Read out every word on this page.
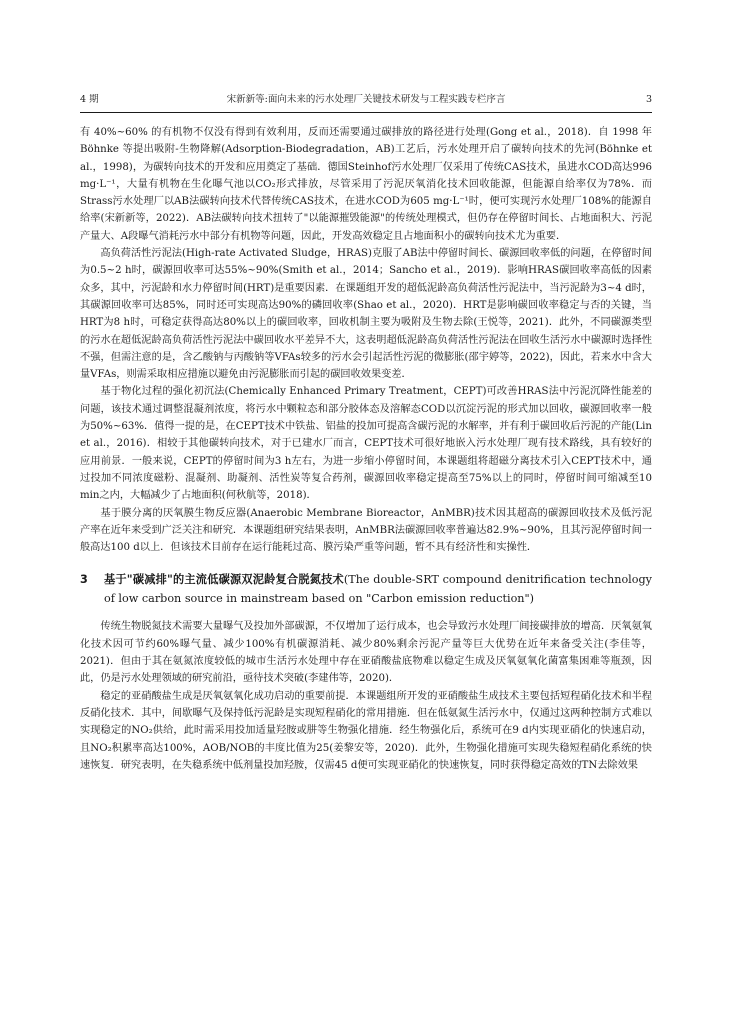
4 期	宋新新等:面向未来的污水处理厂关键技术研发与工程实践专栏序言	3

有 40%~60% 的有机物不仅没有得到有效利用，反而还需要通过碳排放的路径进行处理(Gong et al.，2018)．自 1998 年 Böhnke 等提出吸附-生物降解(Adsorption-Biodegradation，AB)工艺后，污水处理开启了碳转向技术的先河(Böhnke et al.，1998)，为碳转向技术的开发和应用奠定了基础．德国Steinhof污水处理厂仅采用了传统CAS技术，虽进水COD高达996 mg·L⁻¹，大量有机物在生化曝气池以CO₂形式排放，尽管采用了污泥厌氧消化技术回收能源，但能源自给率仅为78%．而Strass污水处理厂以AB法碳转向技术代替传统CAS技术，在进水COD为605 mg·L⁻¹时，便可实现污水处理厂108%的能源自给率(宋新新等，2022)．AB法碳转向技术扭转了"以能源摧毁能源"的传统处理模式，但仍存在停留时间长、占地面积大、污泥产量大、A段曝气消耗污水中部分有机物等问题，因此，开发高效稳定且占地面积小的碳转向技术尤为重要．

高负荷活性污泥法(High-rate Activated Sludge，HRAS)克服了AB法中停留时间长、碳源回收率低的问题，在停留时间为0.5~2 h时，碳源回收率可达55%~90%(Smith et al.，2014；Sancho et al.，2019)．影响HRAS碳回收率高低的因素众多，其中，污泥龄和水力停留时间(HRT)是重要因素．在课题组开发的超低泥龄高负荷活性污泥法中，当污泥龄为3~4 d时，其碳源回收率可达85%，同时还可实现高达90%的磷回收率(Shao et al.，2020)．HRT是影响碳回收率稳定与否的关键，当HRT为8 h时，可稳定获得高达80%以上的碳回收率，回收机制主要为吸附及生物去除(王悦等，2021)．此外，不同碳源类型的污水在超低泥龄高负荷活性污泥法中碳回收水平差异不大，这表明超低泥龄高负荷活性污泥法在回收生活污水中碳源时选择性不强，但需注意的是，含乙酸钠与丙酸钠等VFAs较多的污水会引起活性污泥的微膨胀(邵宇婷等，2022)，因此，若来水中含大量VFAs，则需采取相应措施以避免由污泥膨胀而引起的碳回收效果变差．

基于物化过程的强化初沉法(Chemically Enhanced Primary Treatment，CEPT)可改善HRAS法中污泥沉降性能差的问题，该技术通过调整混凝剂浓度，将污水中颗粒态和部分胶体态及溶解态COD以沉淀污泥的形式加以回收，碳源回收率一般为50%~63%．值得一提的是，在CEPT技术中铁盐、铝盐的投加可提高含碳污泥的水解率，并有利于碳回收后污泥的产能(Lin et al.，2016)．相较于其他碳转向技术，对于已建水厂而言，CEPT技术可很好地嵌入污水处理厂现有技术路线，具有较好的应用前景．一般来说，CEPT的停留时间为3 h左右，为进一步缩小停留时间，本课题组将超磁分离技术引入CEPT技术中，通过投加不同浓度磁粉、混凝剂、助凝剂、活性炭等复合药剂，碳源回收率稳定提高至75%以上的同时，停留时间可缩减至10 min之内，大幅减少了占地面积(何秋航等，2018)．

基于膜分离的厌氧膜生物反应器(Anaerobic Membrane Bioreactor，AnMBR)技术因其超高的碳源回收技术及低污泥产率在近年来受到广泛关注和研究．本课题组研究结果表明，AnMBR法碳源回收率普遍达82.9%~90%，且其污泥停留时间一般高达100 d以上．但该技术目前存在运行能耗过高、膜污染严重等问题，暂不具有经济性和实操性．

3 基于"碳减排"的主流低碳源双泥龄复合脱氮技术(The double-SRT compound denitrification technology of low carbon source in mainstream based on "Carbon emission reduction")

传统生物脱氮技术需要大量曝气及投加外部碳源，不仅增加了运行成本，也会导致污水处理厂间接碳排放的增高．厌氧氨氧化技术因可节约60%曝气量、减少100%有机碳源消耗、减少80%剩余污泥产量等巨大优势在近年来备受关注(李佳等，2021)．但由于其在氨氮浓度较低的城市生活污水处理中存在亚硝酸盐底物难以稳定生成及厌氧氨氧化菌富集困难等瓶颈，因此，仍是污水处理领域的研究前沿，亟待技术突破(李建伟等，2020)．

稳定的亚硝酸盐生成是厌氧氨氧化成功启动的重要前提．本课题组所开发的亚硝酸盐生成技术主要包括短程硝化技术和半程反硝化技术．其中，间歇曝气及保持低污泥龄是实现短程硝化的常用措施．但在低氨氮生活污水中，仅通过这两种控制方式难以实现稳定的NO₂供给，此时需采用投加适量羟胺或肼等生物强化措施．经生物强化后，系统可在9 d内实现亚硝化的快速启动，且NO₂积累率高达100%，AOB/NOB的丰度比值为25(姜黎安等，2020)．此外，生物强化措施可实现失稳短程硝化系统的快速恢复．研究表明，在失稳系统中低剂量投加羟胺，仅需45 d便可实现亚硝化的快速恢复，同时获得稳定高效的TN去除效果
